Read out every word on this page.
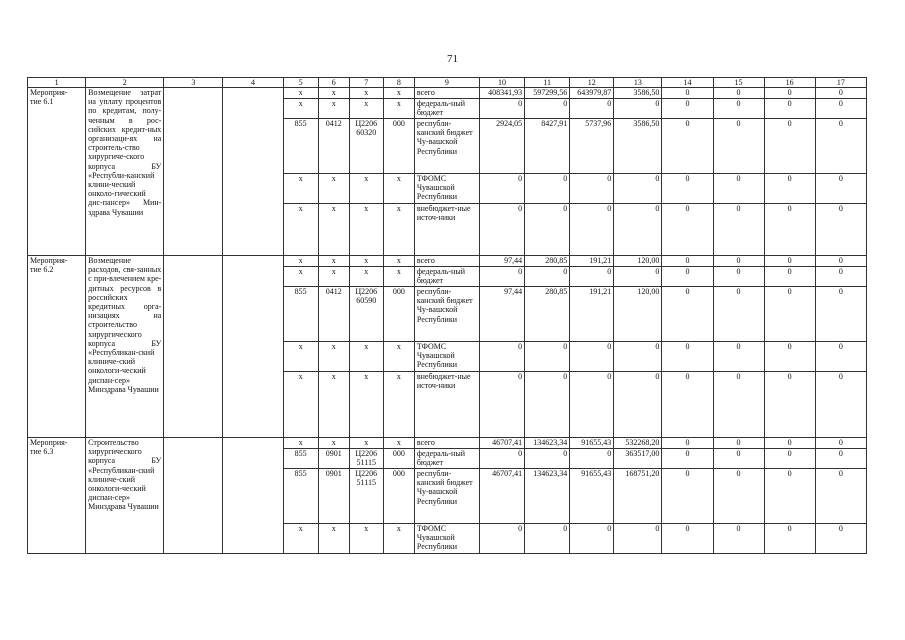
71
1	2	3	4	5	6	7	8	9	10	11	12	13	14	15	16	17
Мероприя-
тие 6.1	Возмещение затрат на уплату процентов по кредитам, полу-ченным в рос-сийских кредит-ных организаци-ях на строитель-ство хирургиче-ского корпуса БУ «Республи-канский клини-ческий онколо-гический дис-пансер» Мин-здрава Чувашии			x	x	x	x	всего	408341,93	597299,56	643979,87	3586,50	0	0	0	0
				x	x	x	x	федераль-ный бюджет	0	0	0	0	0	0	0	0
				855	0412	Ц2206 60320	000	республи-канский бюджет Чу-вашской Республики	2924,05	8427,91	5737,96	3586,50	0	0	0	0
				x	x	x	x	ТФОМС Чувашской Республики	0	0	0	0	0	0	0	0
				x	x	x	x	внебюджет-ные источ-ники	0	0	0	0	0	0	0	0
Мероприя-
тие 6.2	Возмещение расходов, свя-занных с при-влечением кре-дитных ресурсов в российских кредитных орга-низациях на строительство хирургического корпуса БУ «Республикан-ский клиниче-ский онкологи-ческий диспан-сер» Минздрава Чувашии			x	x	x	x	всего	97,44	280,85	191,21	120,00	0	0	0	0
				x	x	x	x	федераль-ный бюджет	0	0	0	0	0	0	0	0
				855	0412	Ц2206 60590	000	республи-канский бюджет Чу-вашской Республики	97,44	280,85	191,21	120,00	0	0	0	0
				x	x	x	x	ТФОМС Чувашской Республики	0	0	0	0	0	0	0	0
				x	x	x	x	внебюджет-ные источ-ники	0	0	0	0	0	0	0	0
Мероприя-
тие 6.3	Строительство хирургического корпуса БУ «Республикан-ский клиниче-ский онкологи-ческий диспан-сер» Минздрава Чувашии			x	x	x	x	всего	46707,41	134623,34	91655,43	532268,20	0	0	0	0
				855	0901	Ц2206 51115	000	федераль-ный бюджет	0	0	0	363517,00	0	0	0	0
				855	0901	Ц2206 51115	000	республи-канский бюджет Чу-вашской Республики	46707,41	134623,34	91655,43	168751,20	0	0	0	0
				x	x	x	x	ТФОМС Чувашской Республики	0	0	0	0	0	0	0	0
